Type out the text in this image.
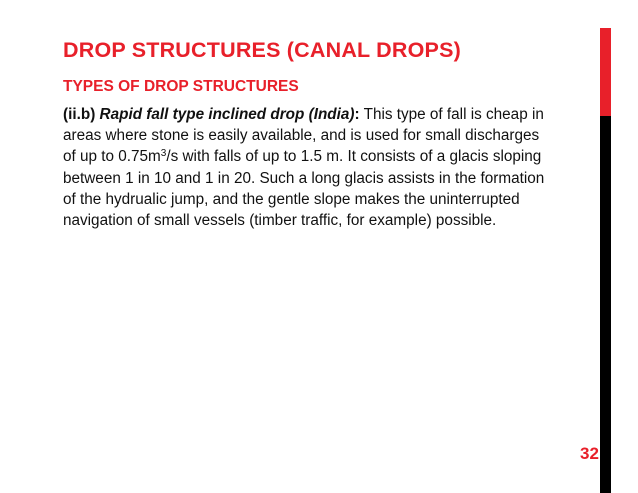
DROP STRUCTURES (CANAL DROPS)
TYPES OF DROP STRUCTURES
(ii.b) Rapid fall type inclined drop (India): This type of fall is cheap in
areas where stone is easily available, and is used for small discharges
of up to $0.75m^3/s$ with falls of up to 1.5 m. It consists of a glacis sloping
between 1 in 10 and 1 in 20. Such a long glacis assists in the formation
of the hydrualic jump, and the gentle slope makes the uninterrupted
navigation of small vessels (timber traffic, for example) possible.
32
